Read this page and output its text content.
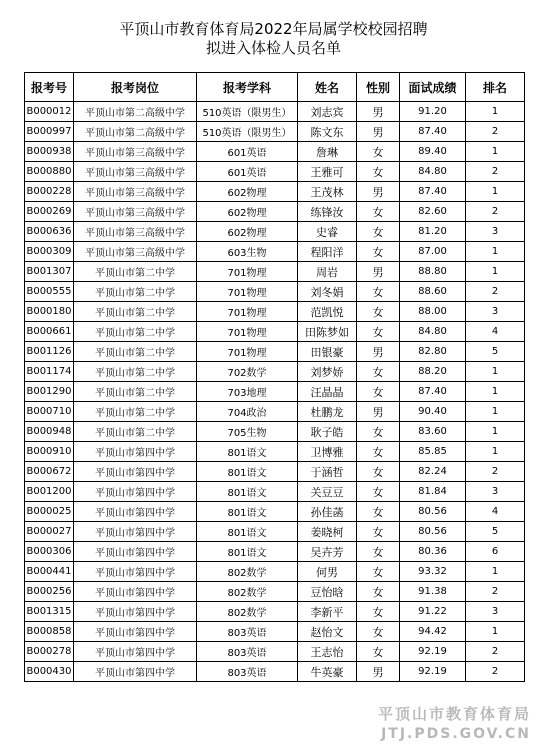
平顶山市教育体育局2022年局属学校校园招聘
拟进入体检人员名单
报考号	报考岗位	报考学科	姓名	性别	面试成绩	排名
B000012	平顶山市第二高级中学	510英语（限男生）	刘志宾	男	91.20	1
B000997	平顶山市第二高级中学	510英语（限男生）	陈文东	男	87.40	2
B000938	平顶山市第三高级中学	601英语	詹琳	女	89.40	1
B000880	平顶山市第三高级中学	601英语	王雅可	女	84.80	2
B000228	平顶山市第三高级中学	602物理	王茂林	男	87.40	1
B000269	平顶山市第三高级中学	602物理	练锋汝	女	82.60	2
B000636	平顶山市第三高级中学	602物理	史睿	女	81.20	3
B000309	平顶山市第三高级中学	603生物	程阳洋	女	87.00	1
B001307	平顶山市第二中学	701物理	周岩	男	88.80	1
B000555	平顶山市第二中学	701物理	刘冬娟	女	88.60	2
B000180	平顶山市第二中学	701物理	范凯悦	女	88.00	3
B000661	平顶山市第二中学	701物理	田陈梦如	女	84.80	4
B001126	平顶山市第二中学	701物理	田银豪	男	82.80	5
B001174	平顶山市第二中学	702数学	刘梦娇	女	88.20	1
B001290	平顶山市第二中学	703地理	汪晶晶	女	87.40	1
B000710	平顶山市第二中学	704政治	杜鹏龙	男	90.40	1
B000948	平顶山市第二中学	705生物	耿子皓	女	83.60	1
B000910	平顶山市第四中学	801语文	卫博雅	女	85.85	1
B000672	平顶山市第四中学	801语文	于涵哲	女	82.24	2
B001200	平顶山市第四中学	801语文	关豆豆	女	81.84	3
B000025	平顶山市第四中学	801语文	孙佳菡	女	80.56	4
B000027	平顶山市第四中学	801语文	姜晓柯	女	80.56	5
B000306	平顶山市第四中学	801语文	吴卉芳	女	80.36	6
B000441	平顶山市第四中学	802数学	何男	女	93.32	1
B000256	平顶山市第四中学	802数学	豆怡晗	女	91.38	2
B001315	平顶山市第四中学	802数学	李新平	女	91.22	3
B000858	平顶山市第四中学	803英语	赵怡文	女	94.42	1
B000278	平顶山市第四中学	803英语	王志怡	女	92.19	2
B000430	平顶山市第四中学	803英语	牛英豪	男	92.19	2
平顶山市教育体育局
JTJ.PDS.GOV.CN
